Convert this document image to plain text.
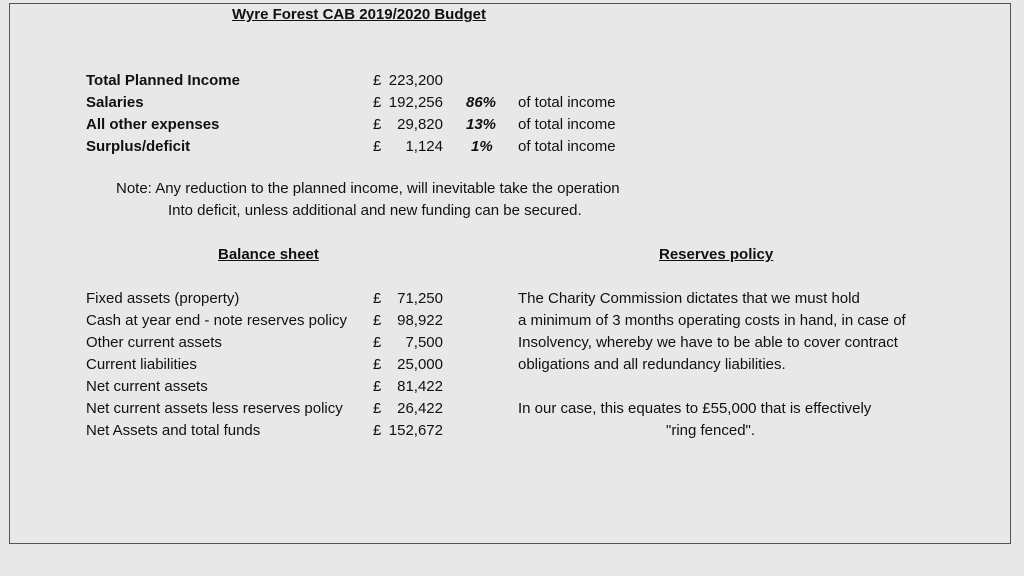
Wyre Forest CAB 2019/2020 Budget
Total Planned Income	£ 223,200
Salaries	£ 192,256 86% of total income
All other expenses	£	29,820 13% of total income
Surplus/deficit	£	1,124 1% of total income
Note: Any reduction to the planned income, will inevitable take the operation
Into deficit, unless additional and new funding can be secured.
Balance sheet	Reserves policy
Fixed assets (property)	£	71,250
Cash at year end - note reserves policy £	98,922
Other current assets	£	7,500
Current liabilities	£	25,000
Net current assets	£	81,422
Net current assets less reserves policy £	26,422
Net Assets and total funds	£ 152,672
The Charity Commission dictates that we must hold
a minimum of 3 months operating costs in hand, in case of
Insolvency, whereby we have to be able to cover contract
obligations and all redundancy liabilities.
In our case, this equates to £55,000 that is effectively
"ring fenced".
